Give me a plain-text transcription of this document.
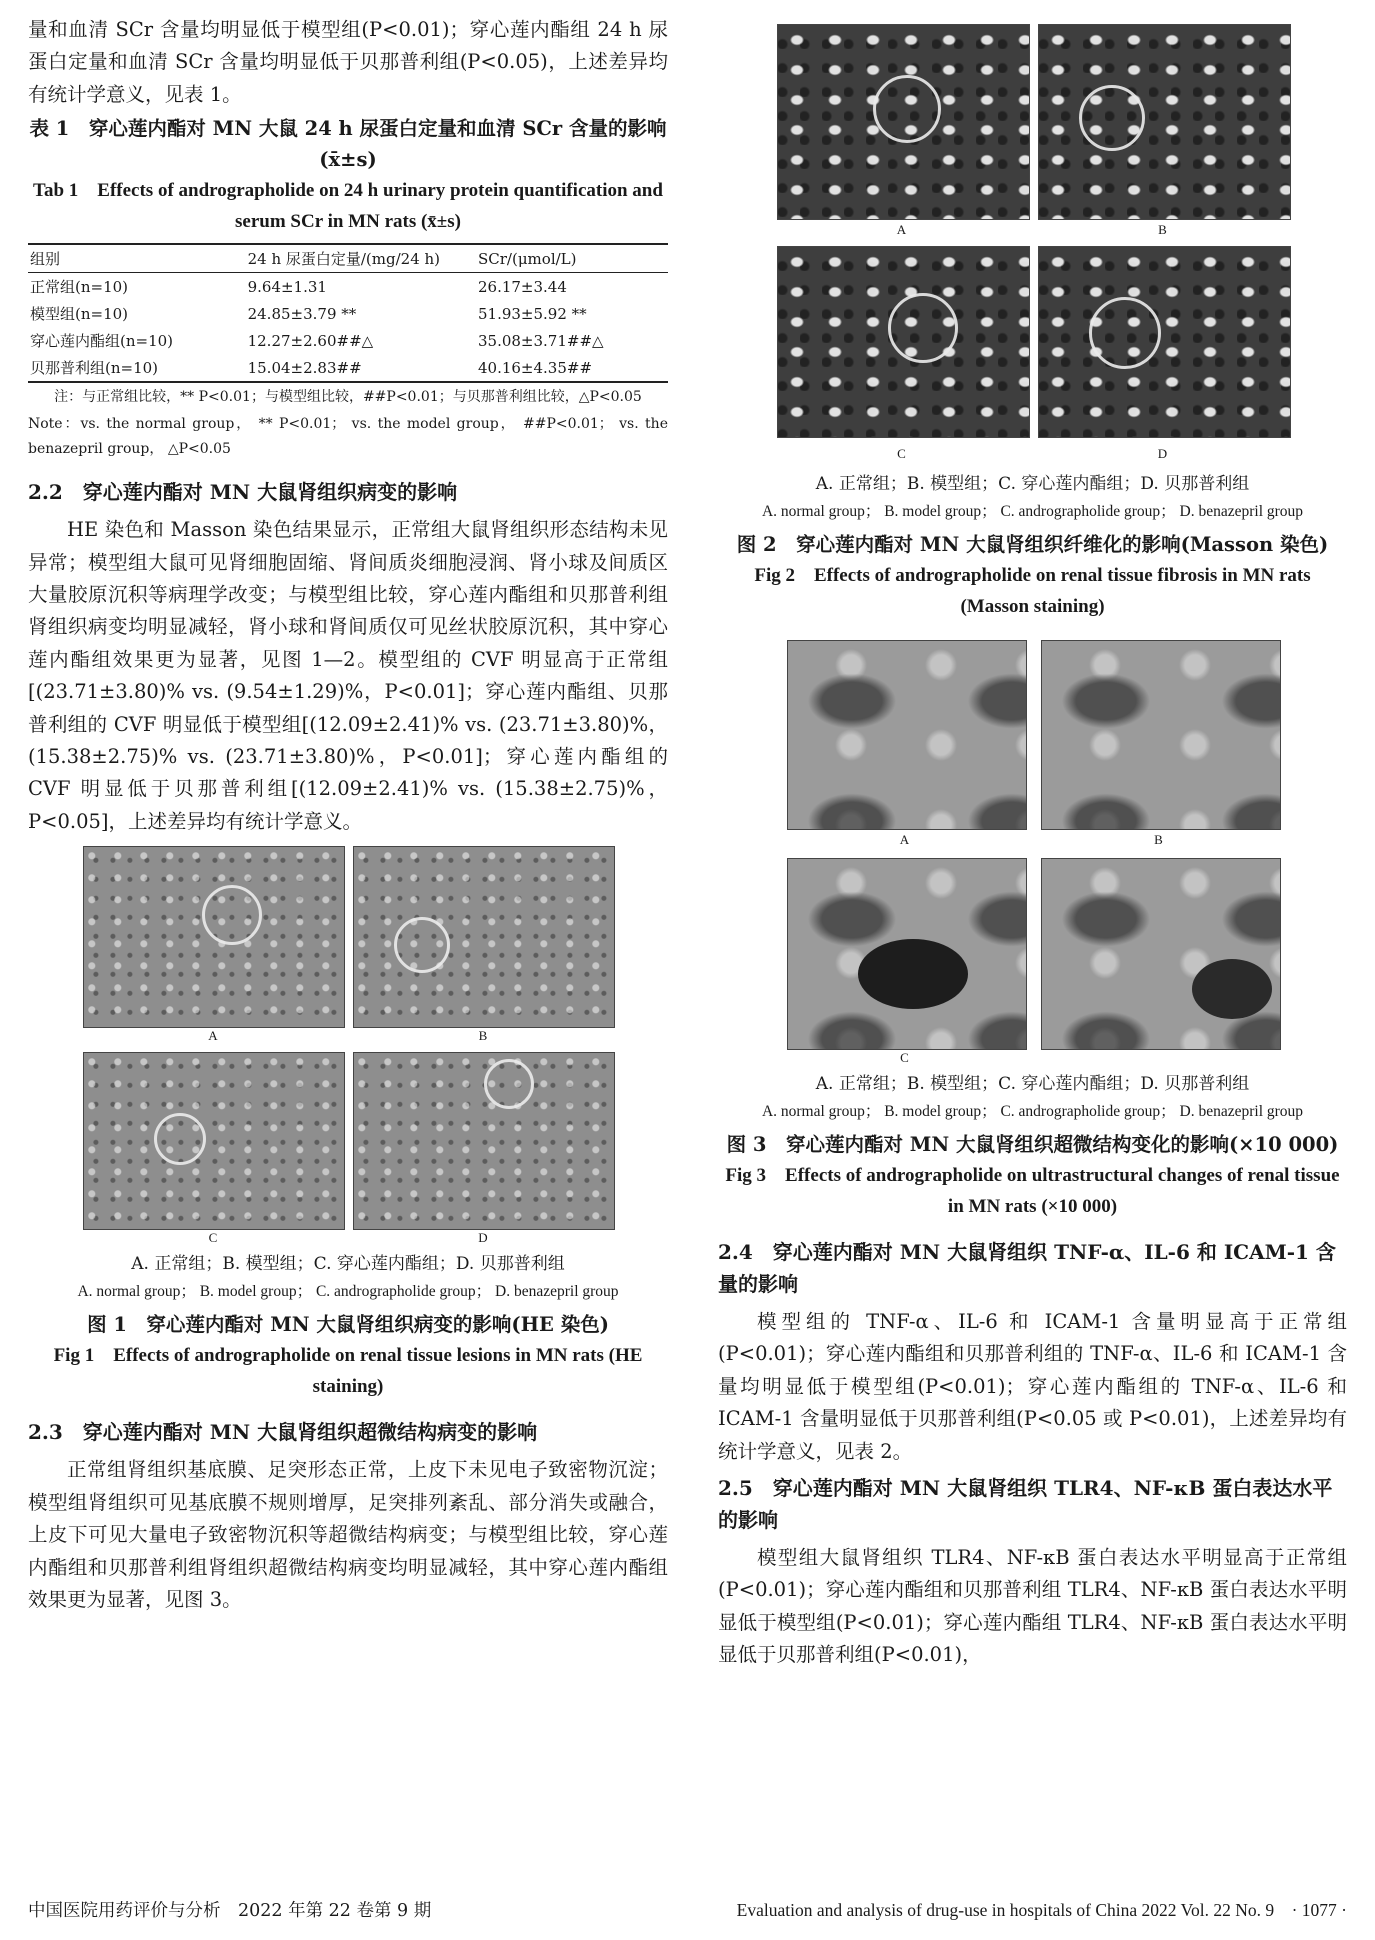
量和血清 SCr 含量均明显低于模型组(P<0.01)；穿心莲内酯组 24 h 尿蛋白定量和血清 SCr 含量均明显低于贝那普利组(P<0.05)，上述差异均有统计学意义，见表 1。

表 1　穿心莲内酯对 MN 大鼠 24 h 尿蛋白定量和血清 SCr 含量的影响(x̄±s)

Tab 1　Effects of andrographolide on 24 h urinary protein quantification and serum SCr in MN rats (x̄±s)

组别	24 h 尿蛋白定量/(mg/24 h)	SCr/(μmol/L)
正常组(n=10)	9.64±1.31	26.17±3.44
模型组(n=10)	24.85±3.79 **	51.93±5.92 **
穿心莲内酯组(n=10)	12.27±2.60##△	35.08±3.71##△
贝那普利组(n=10)	15.04±2.83##	40.16±4.35##

注：与正常组比较，** P<0.01；与模型组比较，##P<0.01；与贝那普利组比较，△P<0.05

Note：vs. the normal group， ** P<0.01； vs. the model group， ##P<0.01； vs. the benazepril group， △P<0.05

2.2　穿心莲内酯对 MN 大鼠肾组织病变的影响

HE 染色和 Masson 染色结果显示，正常组大鼠肾组织形态结构未见异常；模型组大鼠可见肾细胞固缩、肾间质炎细胞浸润、肾小球及间质区大量胶原沉积等病理学改变；与模型组比较，穿心莲内酯组和贝那普利组肾组织病变均明显减轻，肾小球和肾间质仅可见丝状胶原沉积，其中穿心莲内酯组效果更为显著，见图 1—2。模型组的 CVF 明显高于正常组[(23.71±3.80)% vs. (9.54±1.29)%，P<0.01]；穿心莲内酯组、贝那普利组的 CVF 明显低于模型组[(12.09±2.41)% vs. (23.71±3.80)%，(15.38±2.75)% vs. (23.71±3.80)%，P<0.01]；穿心莲内酯组的 CVF 明显低于贝那普利组[(12.09±2.41)% vs. (15.38±2.75)%，P<0.05]，上述差异均有统计学意义。

A	B
C	D

A. 正常组；B. 模型组；C. 穿心莲内酯组；D. 贝那普利组

A. normal group； B. model group； C. andrographolide group； D. benazepril group

图 1　穿心莲内酯对 MN 大鼠肾组织病变的影响(HE 染色)

Fig 1　Effects of andrographolide on renal tissue lesions in MN rats (HE staining)

2.3　穿心莲内酯对 MN 大鼠肾组织超微结构病变的影响

正常组肾组织基底膜、足突形态正常，上皮下未见电子致密物沉淀；模型组肾组织可见基底膜不规则增厚，足突排列紊乱、部分消失或融合，上皮下可见大量电子致密物沉积等超微结构病变；与模型组比较，穿心莲内酯组和贝那普利组肾组织超微结构病变均明显减轻，其中穿心莲内酯组效果更为显著，见图 3。

A	B
C	D

A. 正常组；B. 模型组；C. 穿心莲内酯组；D. 贝那普利组

A. normal group； B. model group； C. andrographolide group； D. benazepril group

图 2　穿心莲内酯对 MN 大鼠肾组织纤维化的影响(Masson 染色)

Fig 2　Effects of andrographolide on renal tissue fibrosis in MN rats (Masson staining)

A	B
C

A. 正常组；B. 模型组；C. 穿心莲内酯组；D. 贝那普利组

A. normal group； B. model group； C. andrographolide group； D. benazepril group

图 3　穿心莲内酯对 MN 大鼠肾组织超微结构变化的影响(×10 000)

Fig 3　Effects of andrographolide on ultrastructural changes of renal tissue in MN rats (×10 000)

2.4　穿心莲内酯对 MN 大鼠肾组织 TNF-α、IL-6 和 ICAM-1 含量的影响

模型组的 TNF-α、IL-6 和 ICAM-1 含量明显高于正常组(P<0.01)；穿心莲内酯组和贝那普利组的 TNF-α、IL-6 和 ICAM-1 含量均明显低于模型组(P<0.01)；穿心莲内酯组的 TNF-α、IL-6 和 ICAM-1 含量明显低于贝那普利组(P<0.05 或 P<0.01)，上述差异均有统计学意义，见表 2。

2.5　穿心莲内酯对 MN 大鼠肾组织 TLR4、NF-κB 蛋白表达水平的影响

模型组大鼠肾组织 TLR4、NF-κB 蛋白表达水平明显高于正常组(P<0.01)；穿心莲内酯组和贝那普利组 TLR4、NF-κB 蛋白表达水平明显低于模型组(P<0.01)；穿心莲内酯组 TLR4、NF-κB 蛋白表达水平明显低于贝那普利组(P<0.01)，

中国医院用药评价与分析　2022 年第 22 卷第 9 期	Evaluation and analysis of drug-use in hospitals of China 2022 Vol. 22 No. 9　· 1077 ·
